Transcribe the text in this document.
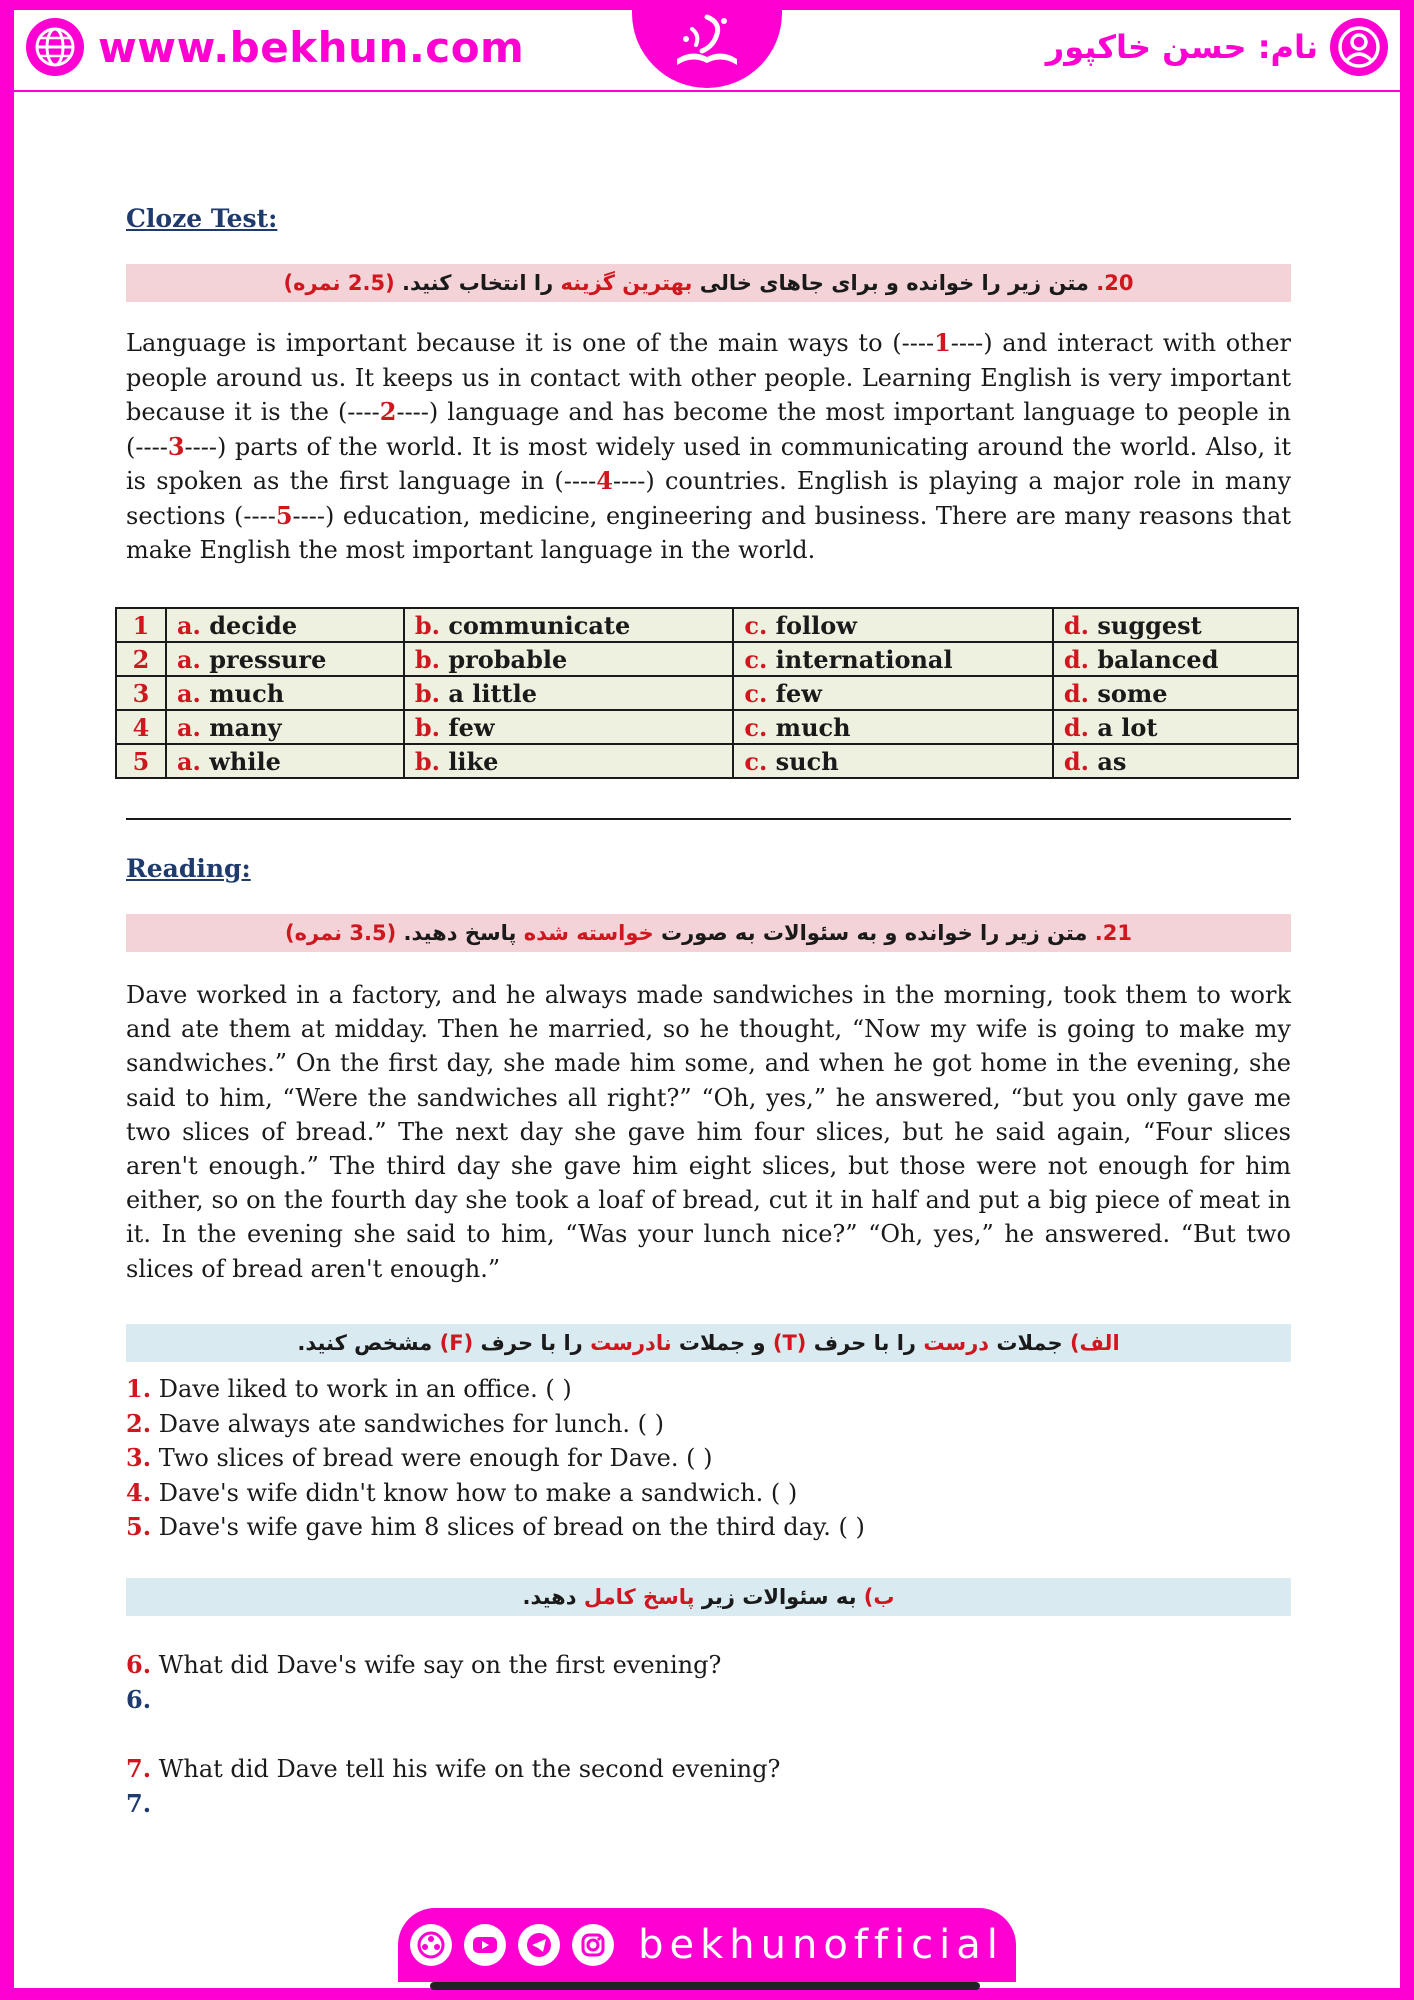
www.bekhun.com	نام: حسن خاکپور
Cloze Test:
20.

متن زیر را خوانده و برای جاهای خالی

بهترین گزینه

را انتخاب کنید.

(2.5 نمره)
Language is important because it is one of the main ways to (----1----) and interact with other people around us. It keeps us in contact with other people. Learning English is very important because it is the (----2----) language and has become the most important language to people in (----3----) parts of the world. It is most widely used in communicating around the world. Also, it is spoken as the first language in (----4----) countries. English is playing a major role in many sections (----5----) education, medicine, engineering and business. There are many reasons that make English the most important language in the world.
1	a. decide	b. communicate	c. follow	d. suggest
2	a. pressure	b. probable	c. international	d. balanced
3	a. much	b. a little	c. few	d. some
4	a. many	b. few	c. much	d. a lot
5	a. while	b. like	c. such	d. as
Reading:
21.

متن زیر را خوانده و به سئوالات به صورت

خواسته شده

پاسخ دهید.

(3.5 نمره)
Dave worked in a factory, and he always made sandwiches in the morning, took them to work and ate them at midday. Then he married, so he thought, “Now my wife is going to make my sandwiches.” On the first day, she made him some, and when he got home in the evening, she said to him, “Were the sandwiches all right?” “Oh, yes,” he answered, “but you only gave me two slices of bread.” The next day she gave him four slices, but he said again, “Four slices aren't enough.” The third day she gave him eight slices, but those were not enough for him either, so on the fourth day she took a loaf of bread, cut it in half and put a big piece of meat in it. In the evening she said to him, “Was your lunch nice?” “Oh, yes,” he answered. “But two slices of bread aren't enough.”
الف)

جملات

درست

را با حرف

(T)

و جملات

نادرست

را با حرف

(F)

مشخص کنید.
1. Dave liked to work in an office. ( )
2. Dave always ate sandwiches for lunch. ( )
3. Two slices of bread were enough for Dave. ( )
4. Dave's wife didn't know how to make a sandwich. ( )
5. Dave's wife gave him 8 slices of bread on the third day. ( )
ب)

به سئوالات زیر

پاسخ کامل

دهید.
6. What did Dave's wife say on the first evening?
6.
7. What did Dave tell his wife on the second evening?
7.
bekhunofficial
